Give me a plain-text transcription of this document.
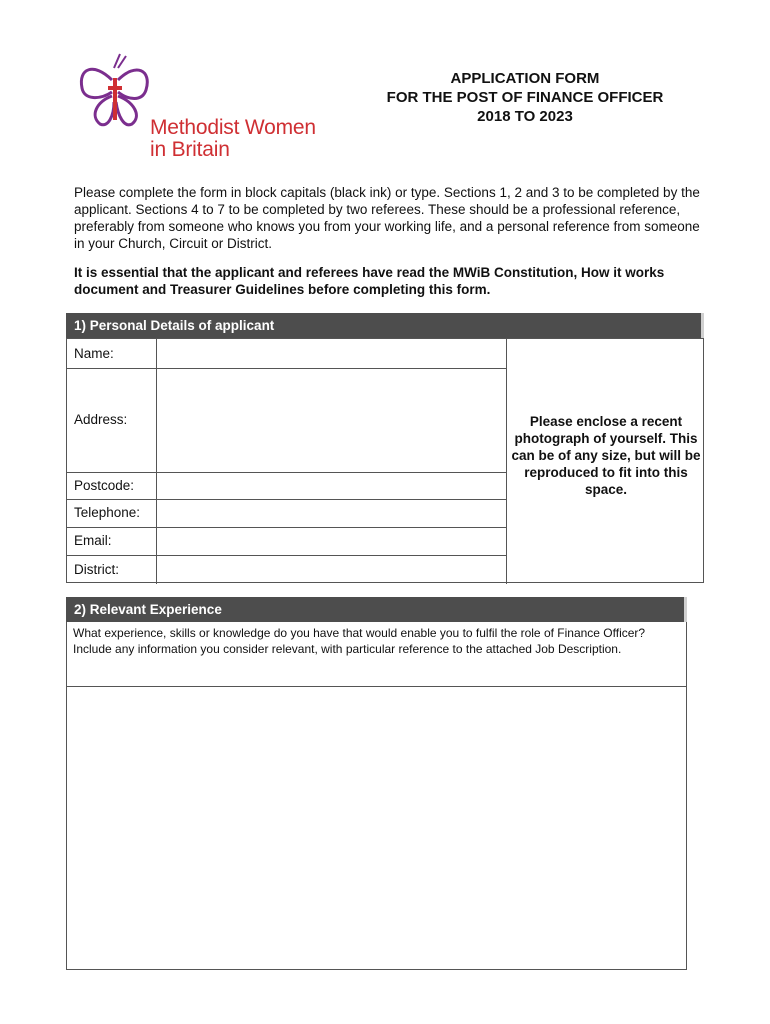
Methodist Women
in Britain
APPLICATION FORM
FOR THE POST OF FINANCE OFFICER
2018 TO 2023
Please complete the form in block capitals (black ink) or type. Sections 1, 2 and 3 to be completed by the applicant. Sections 4 to 7 to be completed by two referees. These should be a professional reference, preferably from someone who knows you from your working life, and a personal reference from someone in your Church, Circuit or District.
It is essential that the applicant and referees have read the MWiB Constitution, How it works document and Treasurer Guidelines before completing this form.
1) Personal Details of applicant
Name:
Address:
Postcode:
Telephone:
Email:
District:
Please enclose a recent photograph of yourself. This can be of any size, but will be reproduced to fit into this space.
2) Relevant Experience
What experience, skills or knowledge do you have that would enable you to fulfil the role of Finance Officer? Include any information you consider relevant, with particular reference to the attached Job Description.
